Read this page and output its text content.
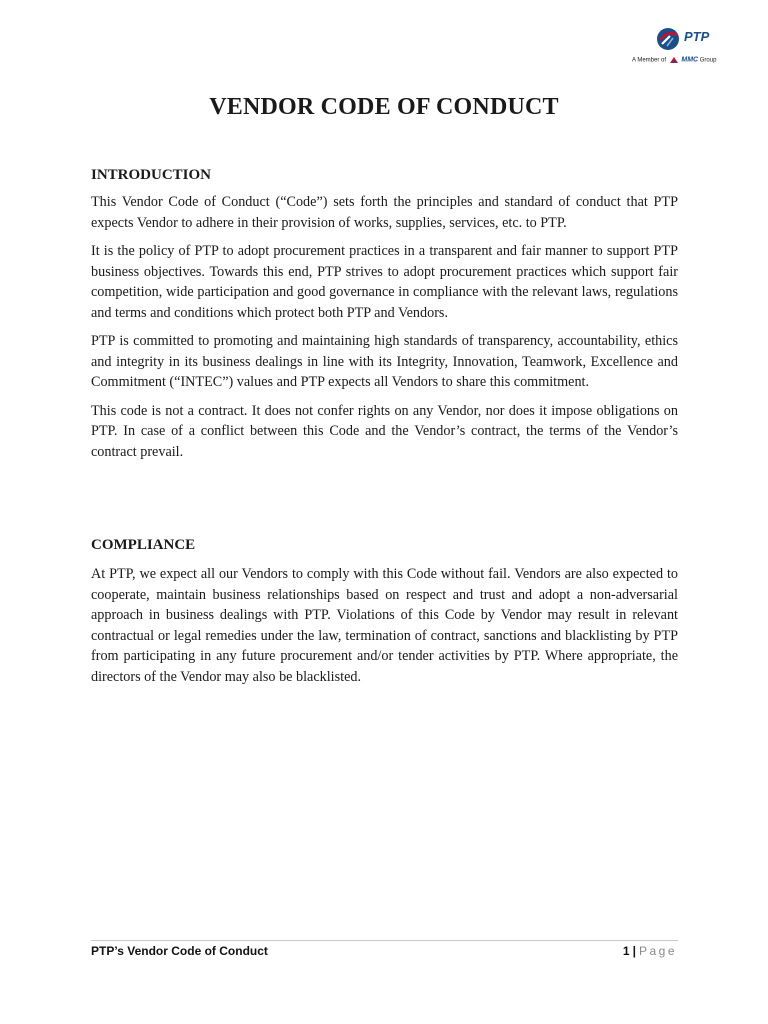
PTP
A Member of MMC Group
VENDOR CODE OF CONDUCT

INTRODUCTION

This Vendor Code of Conduct (“Code”) sets forth the principles and standard of conduct that PTP expects Vendor to adhere in their provision of works, supplies, services, etc. to PTP.

It is the policy of PTP to adopt procurement practices in a transparent and fair manner to support PTP business objectives. Towards this end, PTP strives to adopt procurement practices which support fair competition, wide participation and good governance in compliance with the relevant laws, regulations and terms and conditions which protect both PTP and Vendors.

PTP is committed to promoting and maintaining high standards of transparency, accountability, ethics and integrity in its business dealings in line with its Integrity, Innovation, Teamwork, Excellence and Commitment (“INTEC”) values and PTP expects all Vendors to share this commitment.

This code is not a contract. It does not confer rights on any Vendor, nor does it impose obligations on PTP. In case of a conflict between this Code and the Vendor’s contract, the terms of the Vendor’s contract prevail.

COMPLIANCE

At PTP, we expect all our Vendors to comply with this Code without fail. Vendors are also expected to cooperate, maintain business relationships based on respect and trust and adopt a non-adversarial approach in business dealings with PTP. Violations of this Code by Vendor may result in relevant contractual or legal remedies under the law, termination of contract, sanctions and blacklisting by PTP from participating in any future procurement and/or tender activities by PTP. Where appropriate, the directors of the Vendor may also be blacklisted.

PTP’s Vendor Code of Conduct	1 | Page
